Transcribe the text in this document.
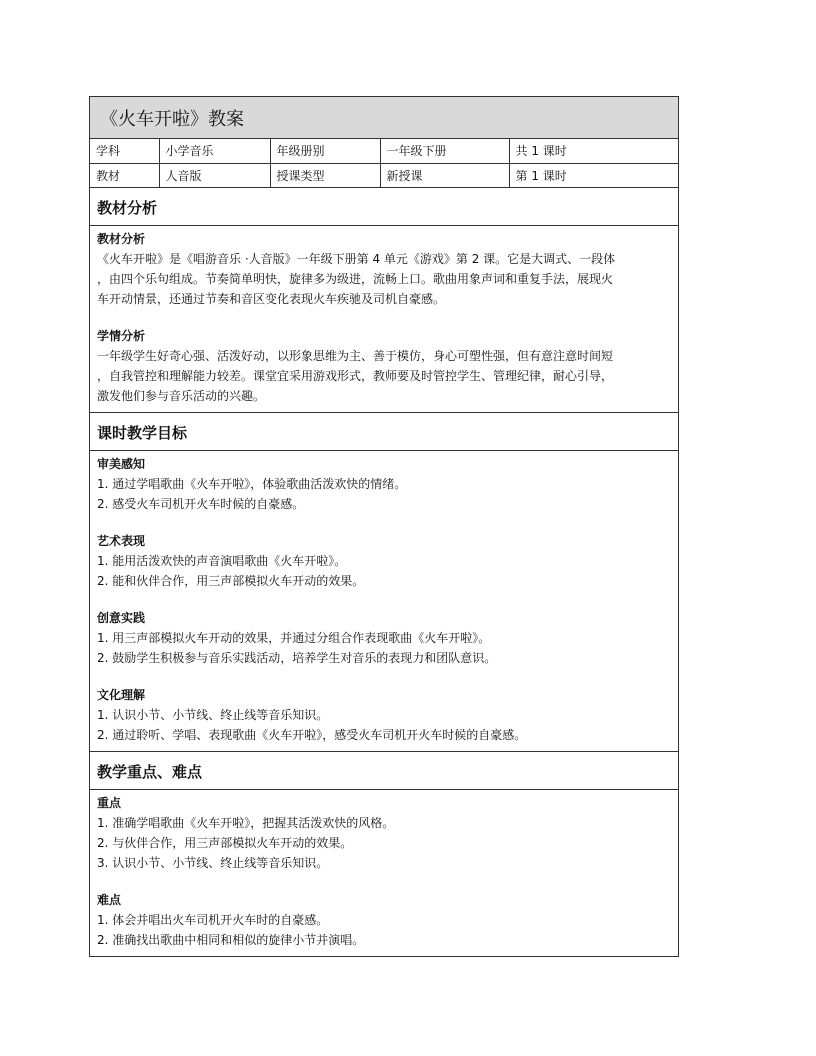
《火车开啦》教案
学科	小学音乐	年级册别	一年级下册	共 1 课时
教材	人音版	授课类型	新授课	第 1 课时
教材分析
教材分析
《火车开啦》是《唱游音乐 ·人音版》一年级下册第 4 单元《游戏》第 2 课。它是大调式、一段体
，由四个乐句组成。节奏简单明快，旋律多为级进，流畅上口。歌曲用象声词和重复手法，展现火
车开动情景，还通过节奏和音区变化表现火车疾驰及司机自豪感。
学情分析
一年级学生好奇心强、活泼好动，以形象思维为主、善于模仿，身心可塑性强，但有意注意时间短
，自我管控和理解能力较差。课堂宜采用游戏形式，教师要及时管控学生、管理纪律，耐心引导，
激发他们参与音乐活动的兴趣。
课时教学目标
审美感知
1. 通过学唱歌曲《火车开啦》，体验歌曲活泼欢快的情绪。
2. 感受火车司机开火车时候的自豪感。
艺术表现
1. 能用活泼欢快的声音演唱歌曲《火车开啦》。
2. 能和伙伴合作，用三声部模拟火车开动的效果。
创意实践
1. 用三声部模拟火车开动的效果，并通过分组合作表现歌曲《火车开啦》。
2. 鼓励学生积极参与音乐实践活动，培养学生对音乐的表现力和团队意识。
文化理解
1. 认识小节、小节线、终止线等音乐知识。
2. 通过聆听、学唱、表现歌曲《火车开啦》，感受火车司机开火车时候的自豪感。
教学重点、难点
重点
1. 准确学唱歌曲《火车开啦》，把握其活泼欢快的风格。
2. 与伙伴合作，用三声部模拟火车开动的效果。
3. 认识小节、小节线、终止线等音乐知识。
难点
1. 体会并唱出火车司机开火车时的自豪感。
2. 准确找出歌曲中相同和相似的旋律小节并演唱。
